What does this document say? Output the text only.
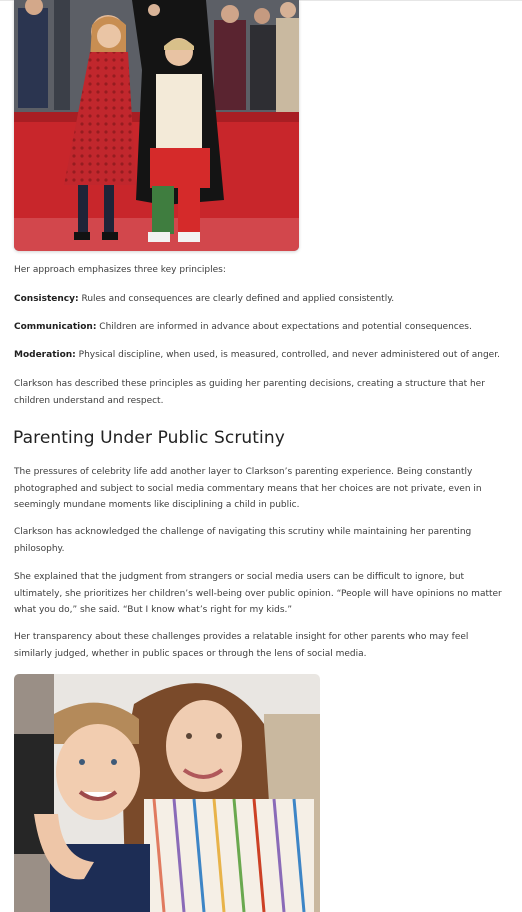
Her approach emphasizes three key principles:

Consistency: Rules and consequences are clearly defined and applied consistently.

Communication: Children are informed in advance about expectations and potential consequences.

Moderation: Physical discipline, when used, is measured, controlled, and never administered out of anger.

Clarkson has described these principles as guiding her parenting decisions, creating a structure that her children understand and respect.

Parenting Under Public Scrutiny

The pressures of celebrity life add another layer to Clarkson’s parenting experience. Being constantly photographed and subject to social media commentary means that her choices are not private, even in seemingly mundane moments like disciplining a child in public.

Clarkson has acknowledged the challenge of navigating this scrutiny while maintaining her parenting philosophy.

She explained that the judgment from strangers or social media users can be difficult to ignore, but ultimately, she prioritizes her children’s well-being over public opinion. “People will have opinions no matter what you do,” she said. “But I know what’s right for my kids.”

Her transparency about these challenges provides a relatable insight for other parents who may feel similarly judged, whether in public spaces or through the lens of social media.
